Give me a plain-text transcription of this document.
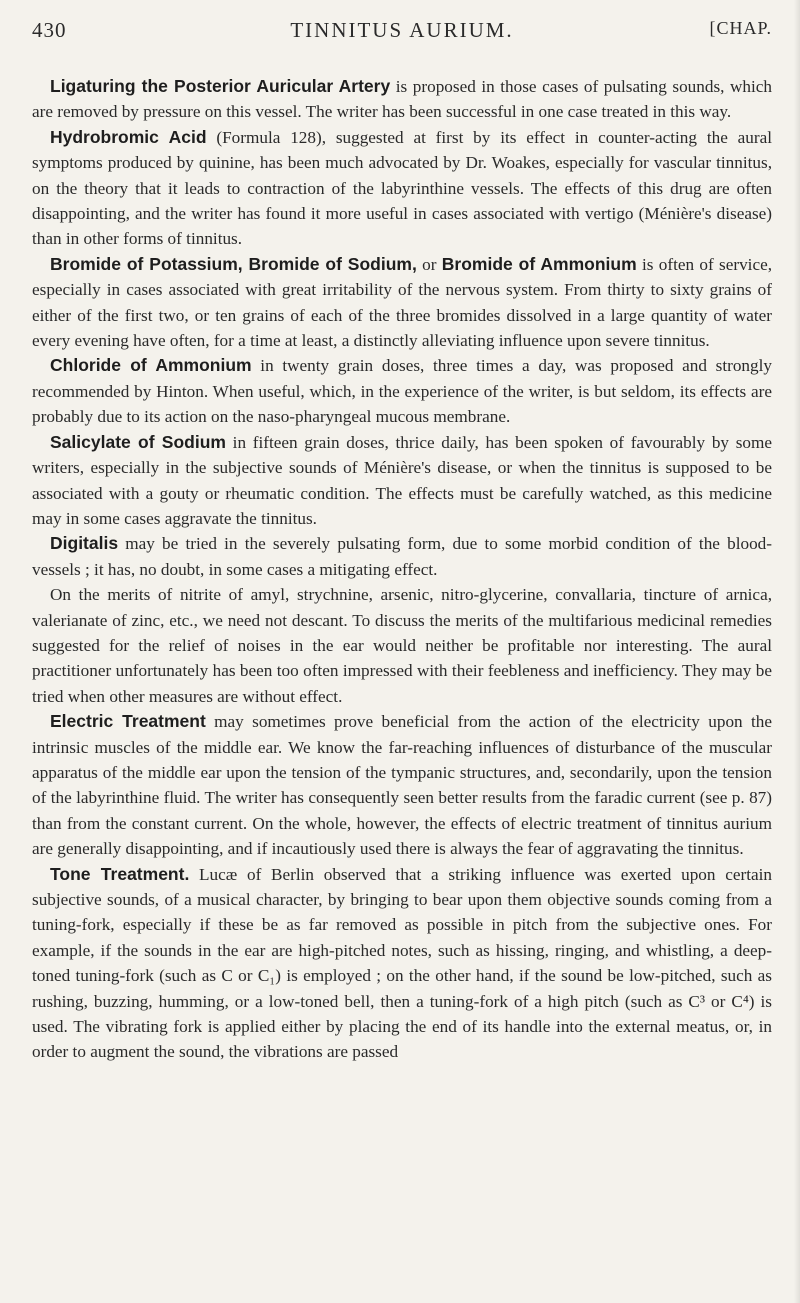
430	TINNITUS AURIUM.	[CHAP.

Ligaturing the Posterior Auricular Artery is proposed in those cases of pulsating sounds, which are removed by pressure on this vessel. The writer has been successful in one case treated in this way.

Hydrobromic Acid (Formula 128), suggested at first by its effect in counter-acting the aural symptoms produced by quinine, has been much advocated by Dr. Woakes, especially for vascular tinnitus, on the theory that it leads to contraction of the labyrinthine vessels. The effects of this drug are often disappointing, and the writer has found it more useful in cases associated with vertigo (Ménière's disease) than in other forms of tinnitus.

Bromide of Potassium, Bromide of Sodium, or Bromide of Ammonium is often of service, especially in cases associated with great irritability of the nervous system. From thirty to sixty grains of either of the first two, or ten grains of each of the three bromides dissolved in a large quantity of water every evening have often, for a time at least, a distinctly alleviating influence upon severe tinnitus.

Chloride of Ammonium in twenty grain doses, three times a day, was proposed and strongly recommended by Hinton. When useful, which, in the experience of the writer, is but seldom, its effects are probably due to its action on the naso-pharyngeal mucous membrane.

Salicylate of Sodium in fifteen grain doses, thrice daily, has been spoken of favourably by some writers, especially in the subjective sounds of Ménière's disease, or when the tinnitus is supposed to be associated with a gouty or rheumatic condition. The effects must be carefully watched, as this medicine may in some cases aggravate the tinnitus.

Digitalis may be tried in the severely pulsating form, due to some morbid condition of the blood-vessels ; it has, no doubt, in some cases a mitigating effect.

On the merits of nitrite of amyl, strychnine, arsenic, nitro-glycerine, convallaria, tincture of arnica, valerianate of zinc, etc., we need not descant. To discuss the merits of the multifarious medicinal remedies suggested for the relief of noises in the ear would neither be profitable nor interesting. The aural practitioner unfortunately has been too often impressed with their feebleness and inefficiency. They may be tried when other measures are without effect.

Electric Treatment may sometimes prove beneficial from the action of the electricity upon the intrinsic muscles of the middle ear. We know the far-reaching influences of disturbance of the muscular apparatus of the middle ear upon the tension of the tympanic structures, and, secondarily, upon the tension of the labyrinthine fluid. The writer has consequently seen better results from the faradic current (see p. 87) than from the constant current. On the whole, however, the effects of electric treatment of tinnitus aurium are generally disappointing, and if incautiously used there is always the fear of aggravating the tinnitus.

Tone Treatment. Lucæ of Berlin observed that a striking influence was exerted upon certain subjective sounds, of a musical character, by bringing to bear upon them objective sounds coming from a tuning-fork, especially if these be as far removed as possible in pitch from the subjective ones. For example, if the sounds in the ear are high-pitched notes, such as hissing, ringing, and whistling, a deep-toned tuning-fork (such as C or C₁) is employed ; on the other hand, if the sound be low-pitched, such as rushing, buzzing, humming, or a low-toned bell, then a tuning-fork of a high pitch (such as C³ or C⁴) is used. The vibrating fork is applied either by placing the end of its handle into the external meatus, or, in order to augment the sound, the vibrations are passed
